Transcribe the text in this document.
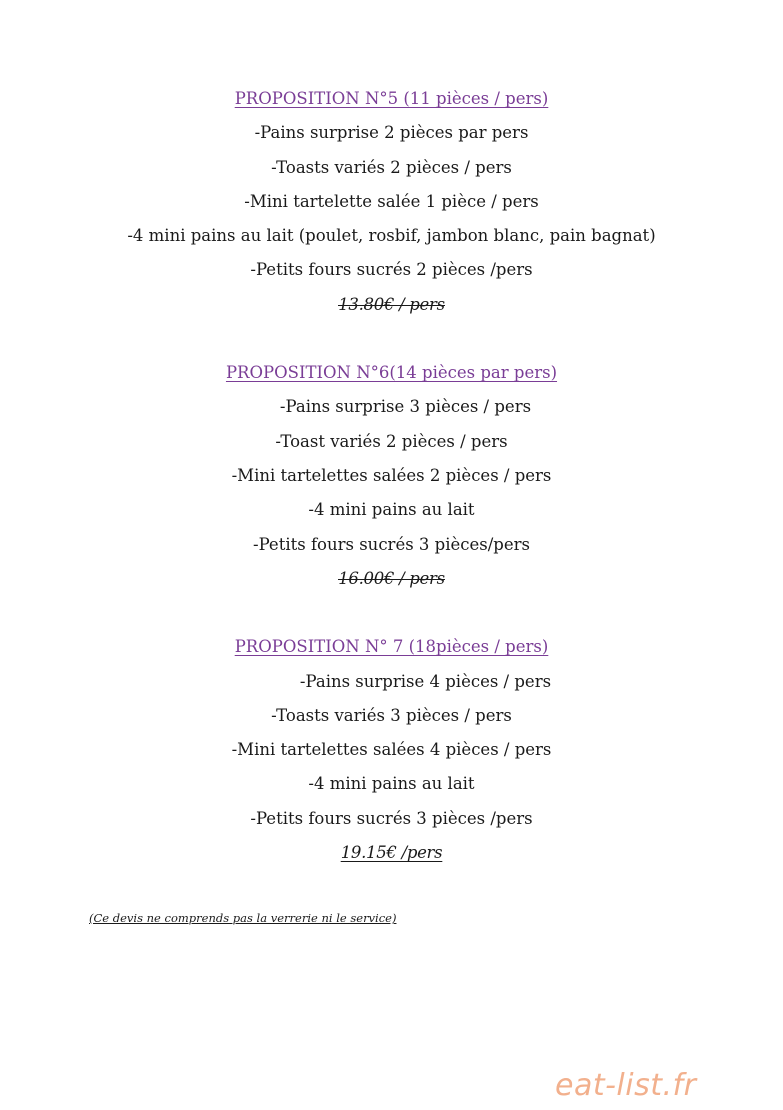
PROPOSITION N°5 (11 pièces / pers)
-Pains surprise 2 pièces par pers
-Toasts variés 2 pièces / pers
-Mini tartelette salée 1 pièce / pers
-4 mini pains au lait (poulet, rosbif, jambon blanc, pain bagnat)
-Petits fours sucrés 2 pièces /pers
13.80€ / pers
PROPOSITION N°6(14 pièces par pers)
-Pains surprise 3 pièces / pers
-Toast variés 2 pièces / pers
-Mini tartelettes salées 2 pièces / pers
-4 mini pains au lait
-Petits fours sucrés 3 pièces/pers
16.00€ / pers
PROPOSITION N° 7 (18pièces / pers)
-Pains surprise 4 pièces / pers
-Toasts variés 3 pièces / pers
-Mini tartelettes salées 4 pièces / pers
-4 mini pains au lait
-Petits fours sucrés 3 pièces /pers
19.15€ /pers
(Ce devis ne comprends pas la verrerie ni le service)
eat-list.fr
